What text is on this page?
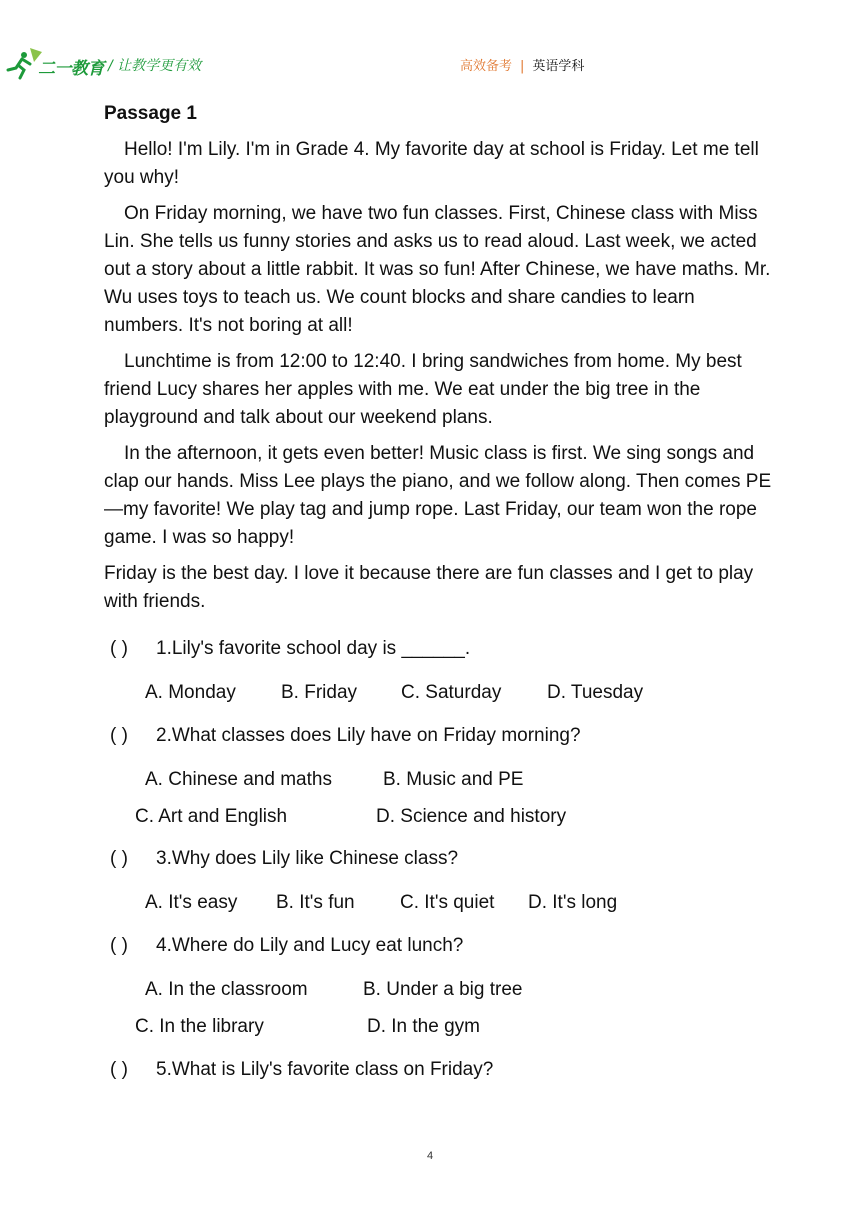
二一教育 / 让教学更有效	高效备考 | 英语学科
Passage 1

Hello! I'm Lily. I'm in Grade 4. My favorite day at school is Friday. Let me tell you why!

On Friday morning, we have two fun classes. First, Chinese class with Miss Lin. She tells us funny stories and asks us to read aloud. Last week, we acted out a story about a little rabbit. It was so fun! After Chinese, we have maths. Mr. Wu uses toys to teach us. We count blocks and share candies to learn numbers. It's not boring at all!

Lunchtime is from 12:00 to 12:40. I bring sandwiches from home. My best friend Lucy shares her apples with me. We eat under the big tree in the playground and talk about our weekend plans.

In the afternoon, it gets even better! Music class is first. We sing songs and clap our hands. Miss Lee plays the piano, and we follow along. Then comes PE—my favorite! We play tag and jump rope. Last Friday, our team won the rope game. I was so happy!

Friday is the best day. I love it because there are fun classes and I get to play with friends.

( ) 1.Lily's favorite school day is ______.
A. Monday B. Friday C. Saturday D. Tuesday
( ) 2.What classes does Lily have on Friday morning?
A. Chinese and maths	B. Music and PE
C. Art and English	D. Science and history
( ) 3.Why does Lily like Chinese class?
A. It's easy B. It's fun C. It's quiet D. It's long
( ) 4.Where do Lily and Lucy eat lunch?
A. In the classroom	B. Under a big tree
C. In the library	D. In the gym
( ) 5.What is Lily's favorite class on Friday?
4
